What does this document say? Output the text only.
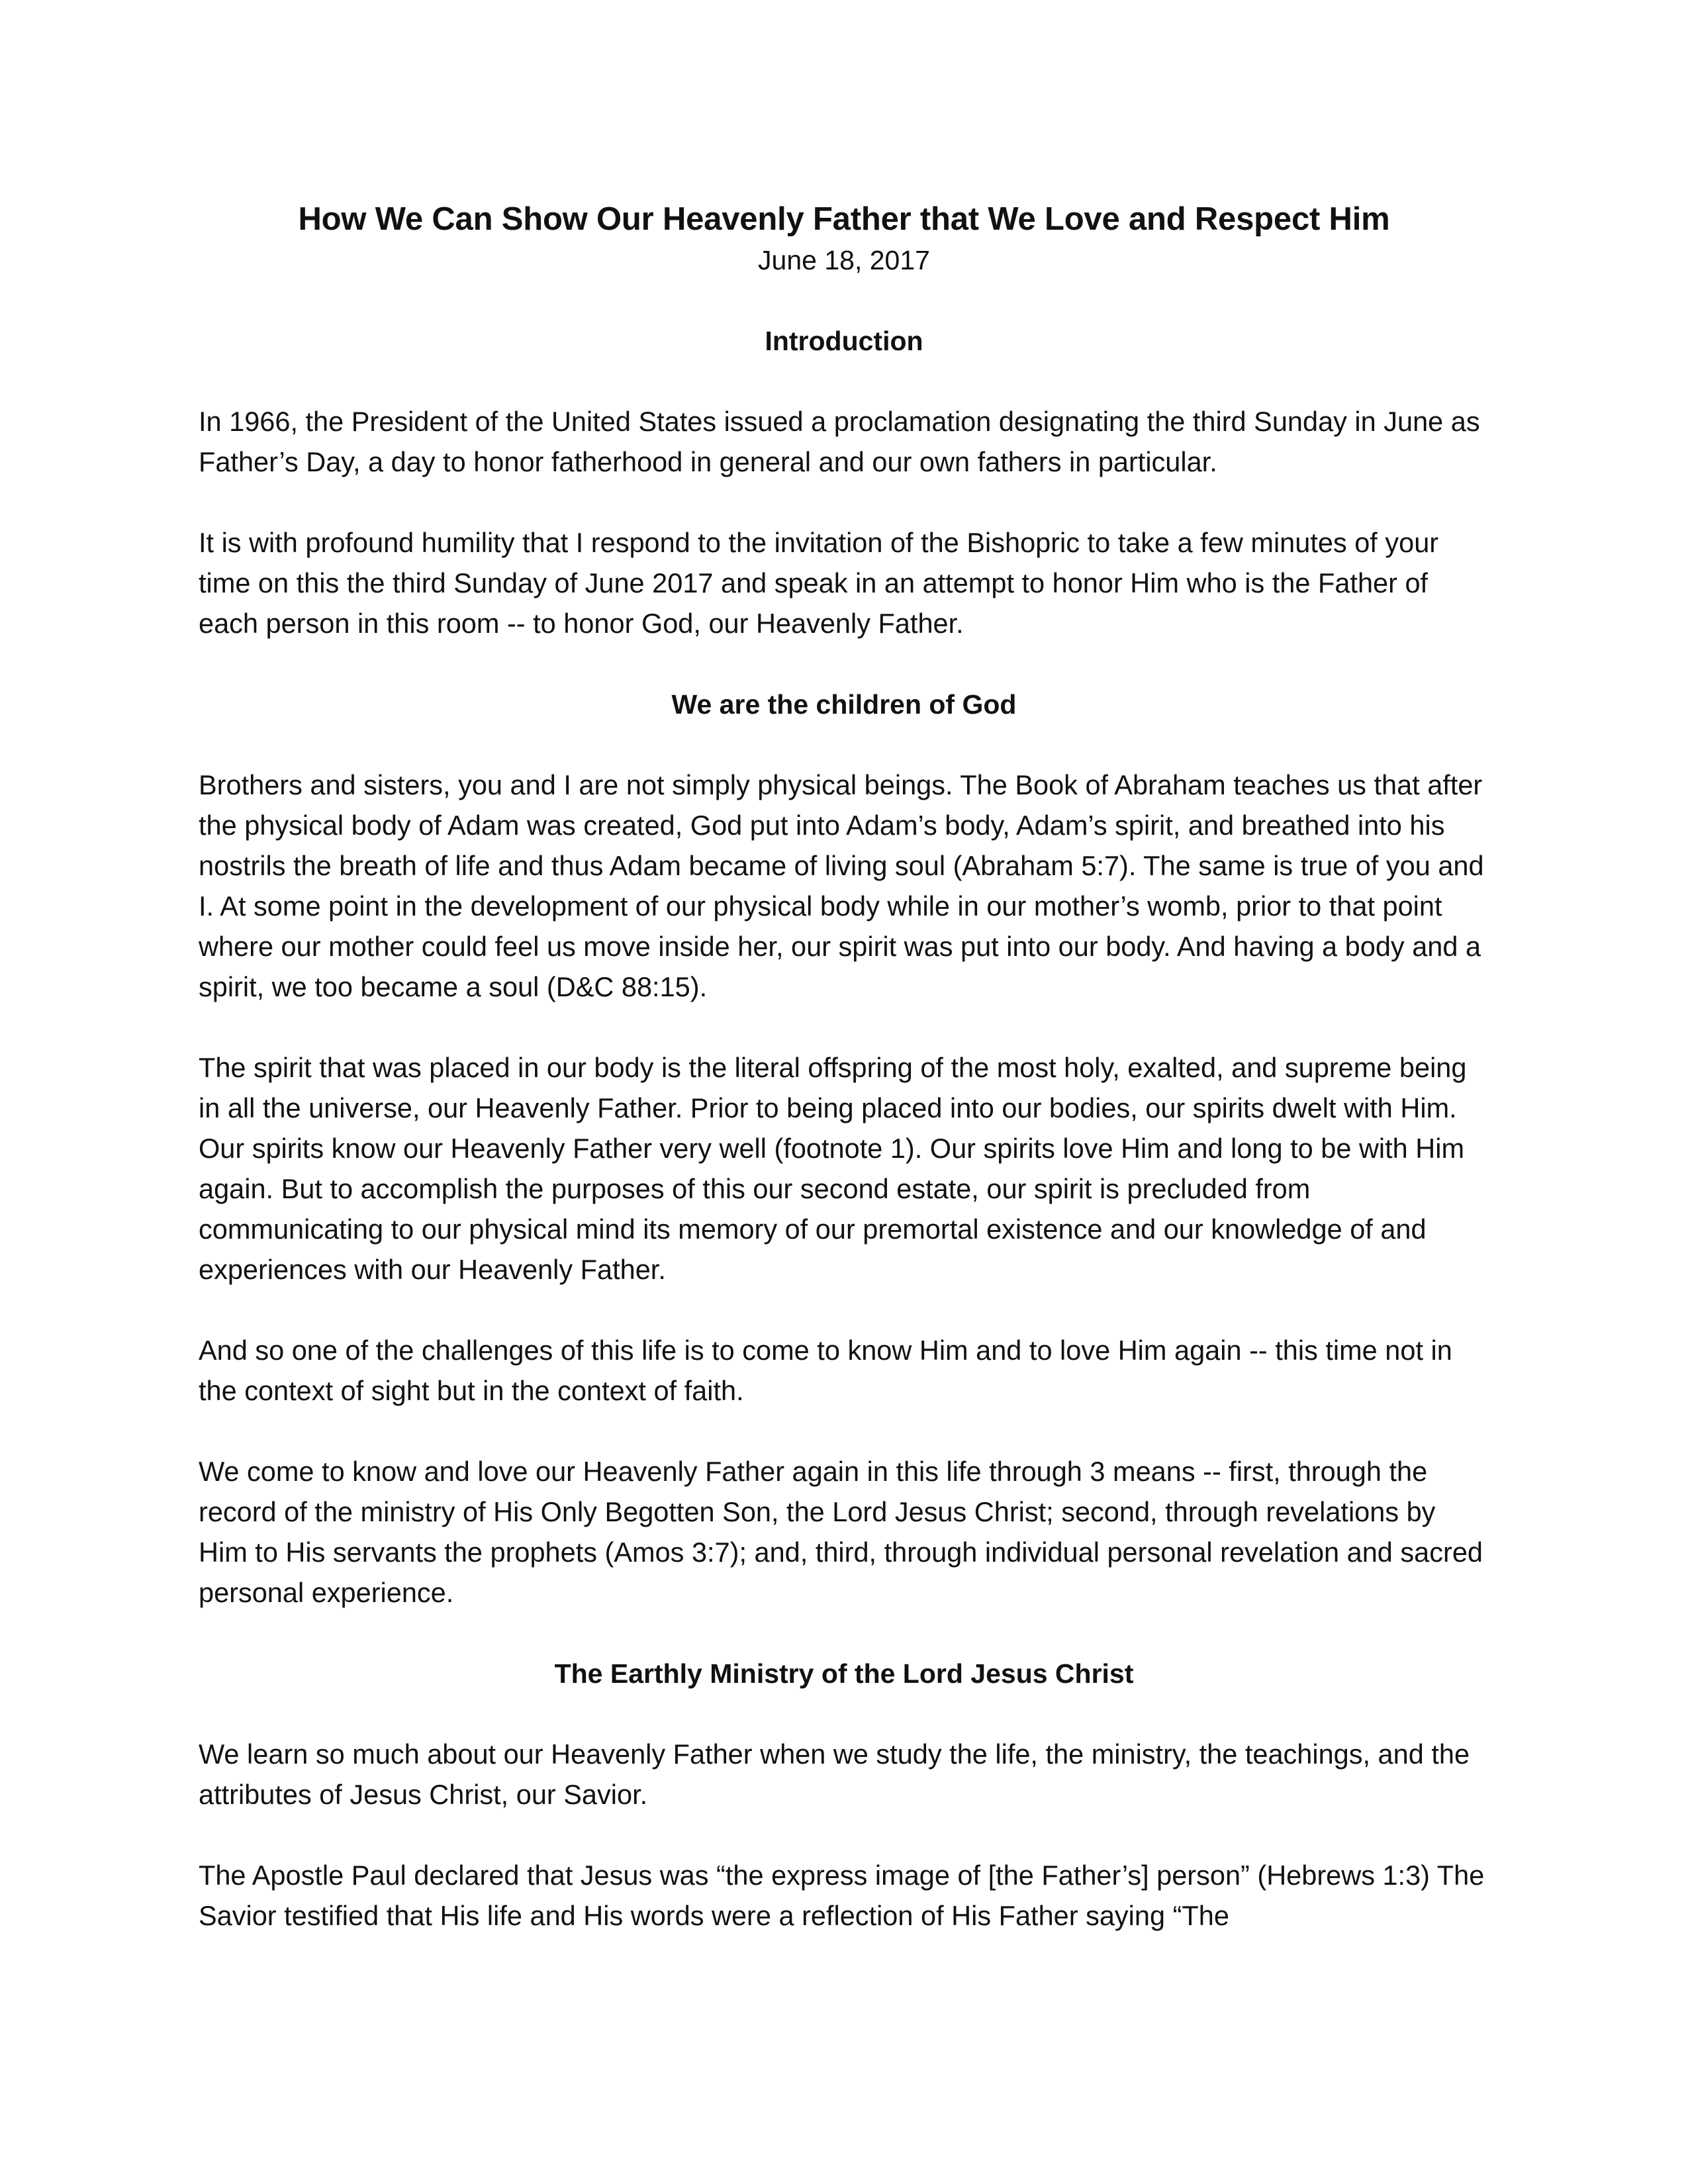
How We Can Show Our Heavenly Father that We Love and Respect Him
June 18, 2017
Introduction

In 1966, the President of the United States issued a proclamation designating the third Sunday in June as Father’s Day, a day to honor fatherhood in general and our own fathers in particular.

It is with profound humility that I respond to the invitation of the Bishopric to take a few minutes of your time on this the third Sunday of June 2017 and speak in an attempt to honor Him who is the Father of each person in this room -- to honor God, our Heavenly Father.

We are the children of God

Brothers and sisters, you and I are not simply physical beings. The Book of Abraham teaches us that after the physical body of Adam was created, God put into Adam’s body, Adam’s spirit, and breathed into his nostrils the breath of life and thus Adam became of living soul (Abraham 5:7). The same is true of you and I. At some point in the development of our physical body while in our mother’s womb, prior to that point where our mother could feel us move inside her, our spirit was put into our body. And having a body and a spirit, we too became a soul (D&C 88:15).

The spirit that was placed in our body is the literal offspring of the most holy, exalted, and supreme being in all the universe, our Heavenly Father. Prior to being placed into our bodies, our spirits dwelt with Him. Our spirits know our Heavenly Father very well (footnote 1). Our spirits love Him and long to be with Him again. But to accomplish the purposes of this our second estate, our spirit is precluded from communicating to our physical mind its memory of our premortal existence and our knowledge of and experiences with our Heavenly Father.

And so one of the challenges of this life is to come to know Him and to love Him again -- this time not in the context of sight but in the context of faith.

We come to know and love our Heavenly Father again in this life through 3 means -- first, through the record of the ministry of His Only Begotten Son, the Lord Jesus Christ; second, through revelations by Him to His servants the prophets (Amos 3:7); and, third, through individual personal revelation and sacred personal experience.

The Earthly Ministry of the Lord Jesus Christ

We learn so much about our Heavenly Father when we study the life, the ministry, the teachings, and the attributes of Jesus Christ, our Savior.

The Apostle Paul declared that Jesus was “the express image of [the Father’s] person” (Hebrews 1:3) The Savior testified that His life and His words were a reflection of His Father saying “The
